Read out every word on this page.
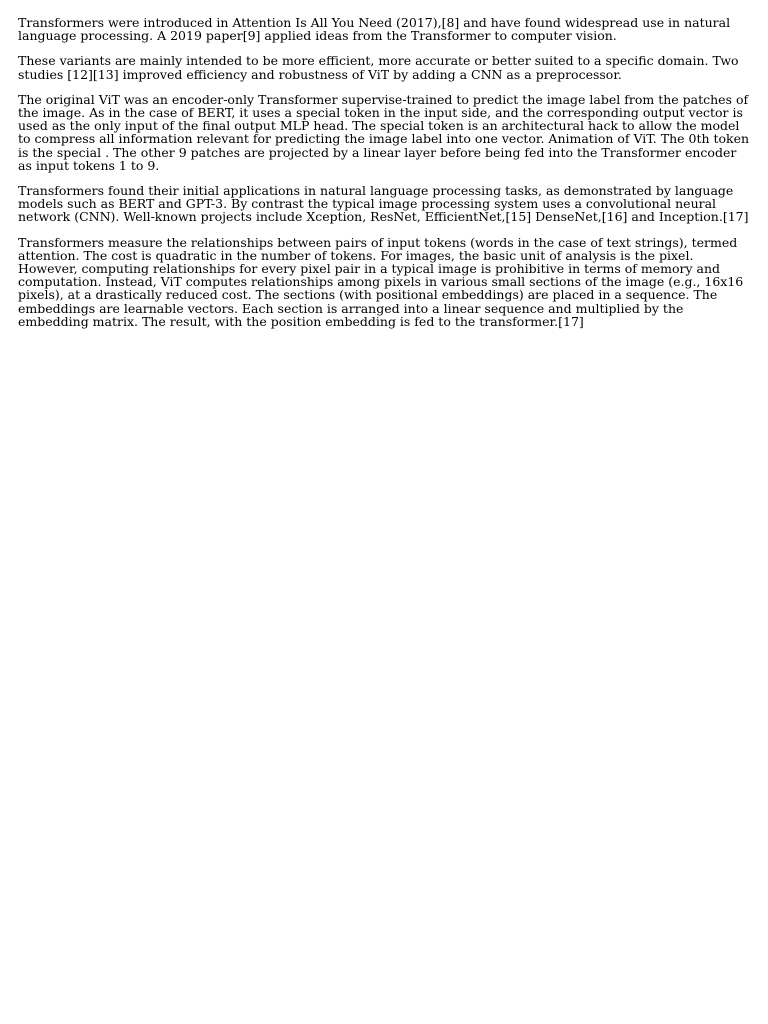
Transformers were introduced in Attention Is All You Need (2017),[8] and have found widespread use in natural language processing. A 2019 paper[9] applied ideas from the Transformer to computer vision.

These variants are mainly intended to be more efficient, more accurate or better suited to a specific domain. Two studies [12][13] improved efficiency and robustness of ViT by adding a CNN as a preprocessor.

The original ViT was an encoder-only Transformer supervise-trained to predict the image label from the patches of the image. As in the case of BERT, it uses a special token in the input side, and the corresponding output vector is used as the only input of the final output MLP head. The special token is an architectural hack to allow the model to compress all information relevant for predicting the image label into one vector. Animation of ViT. The 0th token is the special . The other 9 patches are projected by a linear layer before being fed into the Transformer encoder as input tokens 1 to 9.

Transformers found their initial applications in natural language processing tasks, as demonstrated by language models such as BERT and GPT-3. By contrast the typical image processing system uses a convolutional neural network (CNN). Well-known projects include Xception, ResNet, EfficientNet,[15] DenseNet,[16] and Inception.[17]

Transformers measure the relationships between pairs of input tokens (words in the case of text strings), termed attention. The cost is quadratic in the number of tokens. For images, the basic unit of analysis is the pixel. However, computing relationships for every pixel pair in a typical image is prohibitive in terms of memory and computation. Instead, ViT computes relationships among pixels in various small sections of the image (e.g., 16x16 pixels), at a drastically reduced cost. The sections (with positional embeddings) are placed in a sequence. The embeddings are learnable vectors. Each section is arranged into a linear sequence and multiplied by the embedding matrix. The result, with the position embedding is fed to the transformer.[17]
